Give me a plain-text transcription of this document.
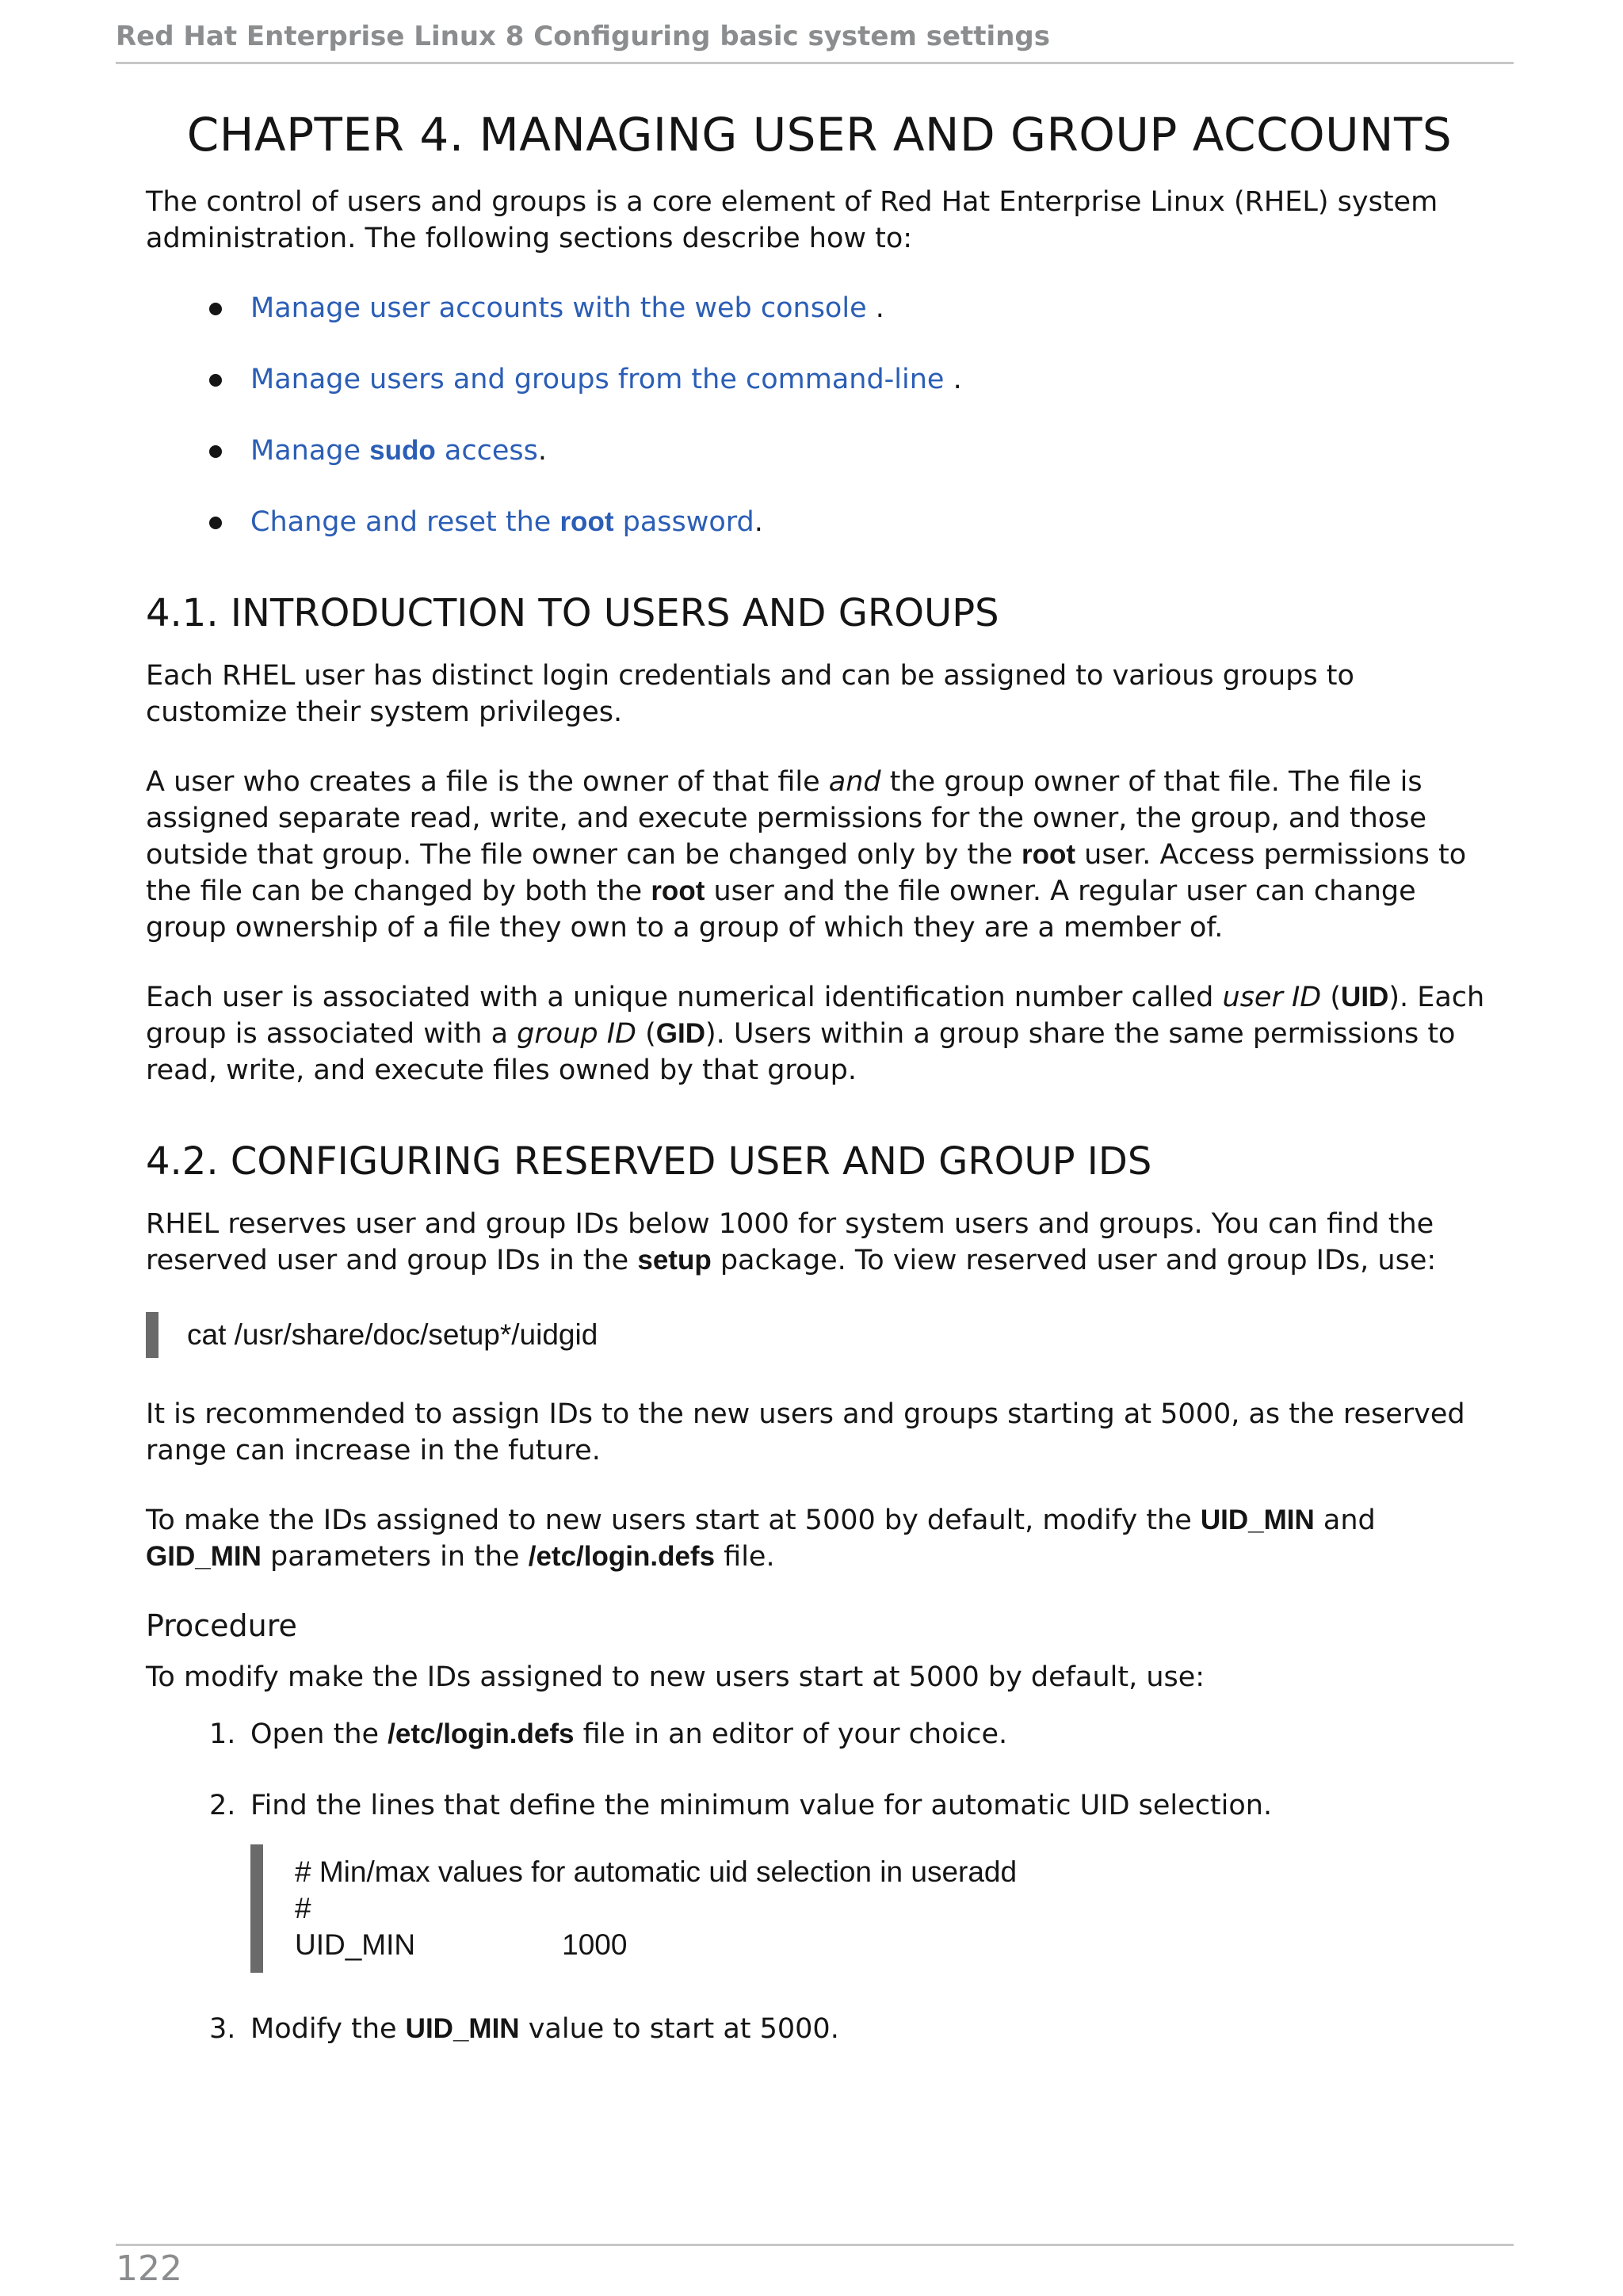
Red Hat Enterprise Linux 8 Configuring basic system settings
CHAPTER 4. MANAGING USER AND GROUP ACCOUNTS

The control of users and groups is a core element of Red Hat Enterprise Linux (RHEL) system administration. The following sections describe how to:

Manage user accounts with the web console .
Manage users and groups from the command-line .
Manage sudo access.
Change and reset the root password.
4.1. INTRODUCTION TO USERS AND GROUPS

Each RHEL user has distinct login credentials and can be assigned to various groups to customize their system privileges.

A user who creates a file is the owner of that file and the group owner of that file. The file is assigned separate read, write, and execute permissions for the owner, the group, and those outside that group. The file owner can be changed only by the root user. Access permissions to the file can be changed by both the root user and the file owner. A regular user can change group ownership of a file they own to a group of which they are a member of.

Each user is associated with a unique numerical identification number called user ID (UID). Each group is associated with a group ID (GID). Users within a group share the same permissions to read, write, and execute files owned by that group.

4.2. CONFIGURING RESERVED USER AND GROUP IDS

RHEL reserves user and group IDs below 1000 for system users and groups. You can find the reserved user and group IDs in the setup package. To view reserved user and group IDs, use:

cat /usr/share/doc/setup*/uidgid

It is recommended to assign IDs to the new users and groups starting at 5000, as the reserved range can increase in the future.

To make the IDs assigned to new users start at 5000 by default, modify the UID_MIN and GID_MIN parameters in the /etc/login.defs file.

Procedure

To modify make the IDs assigned to new users start at 5000 by default, use:

1. Open the /etc/login.defs file in an editor of your choice.
2. Find the lines that define the minimum value for automatic UID selection.
# Min/max values for automatic uid selection in useradd
#
UID_MIN                  1000
3. Modify the UID_MIN value to start at 5000.
122
